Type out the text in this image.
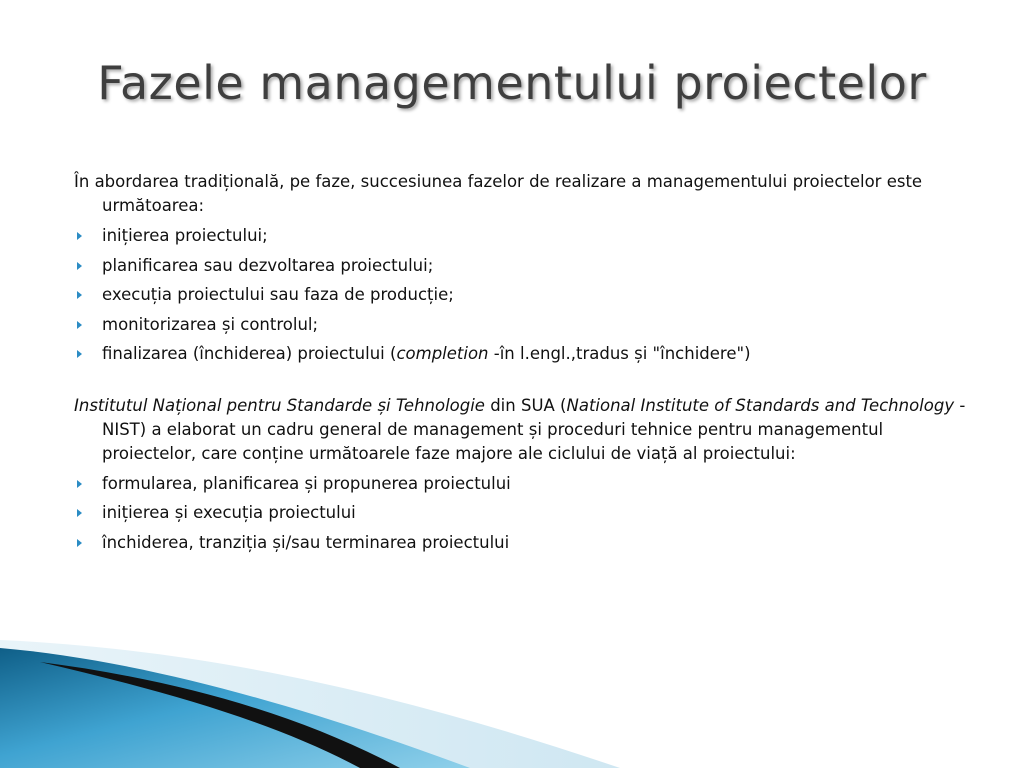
Fazele managementului proiectelor

În abordarea tradițională, pe faze, succesiunea fazelor de realizare a managementului proiectelor este următoarea:

inițierea proiectului;
planificarea sau dezvoltarea proiectului;
execuția proiectului sau faza de producție;
monitorizarea și controlul;
finalizarea (închiderea) proiectului (completion -în l.engl.,tradus și "închidere")

Institutul Național pentru Standarde și Tehnologie din SUA (National Institute of Standards and Technology -NIST) a elaborat un cadru general de management și proceduri tehnice pentru managementul proiectelor, care conține următoarele faze majore ale ciclului de viață al proiectului:

formularea, planificarea și propunerea proiectului
inițierea și execuția proiectului
închiderea, tranziția și/sau terminarea proiectului
